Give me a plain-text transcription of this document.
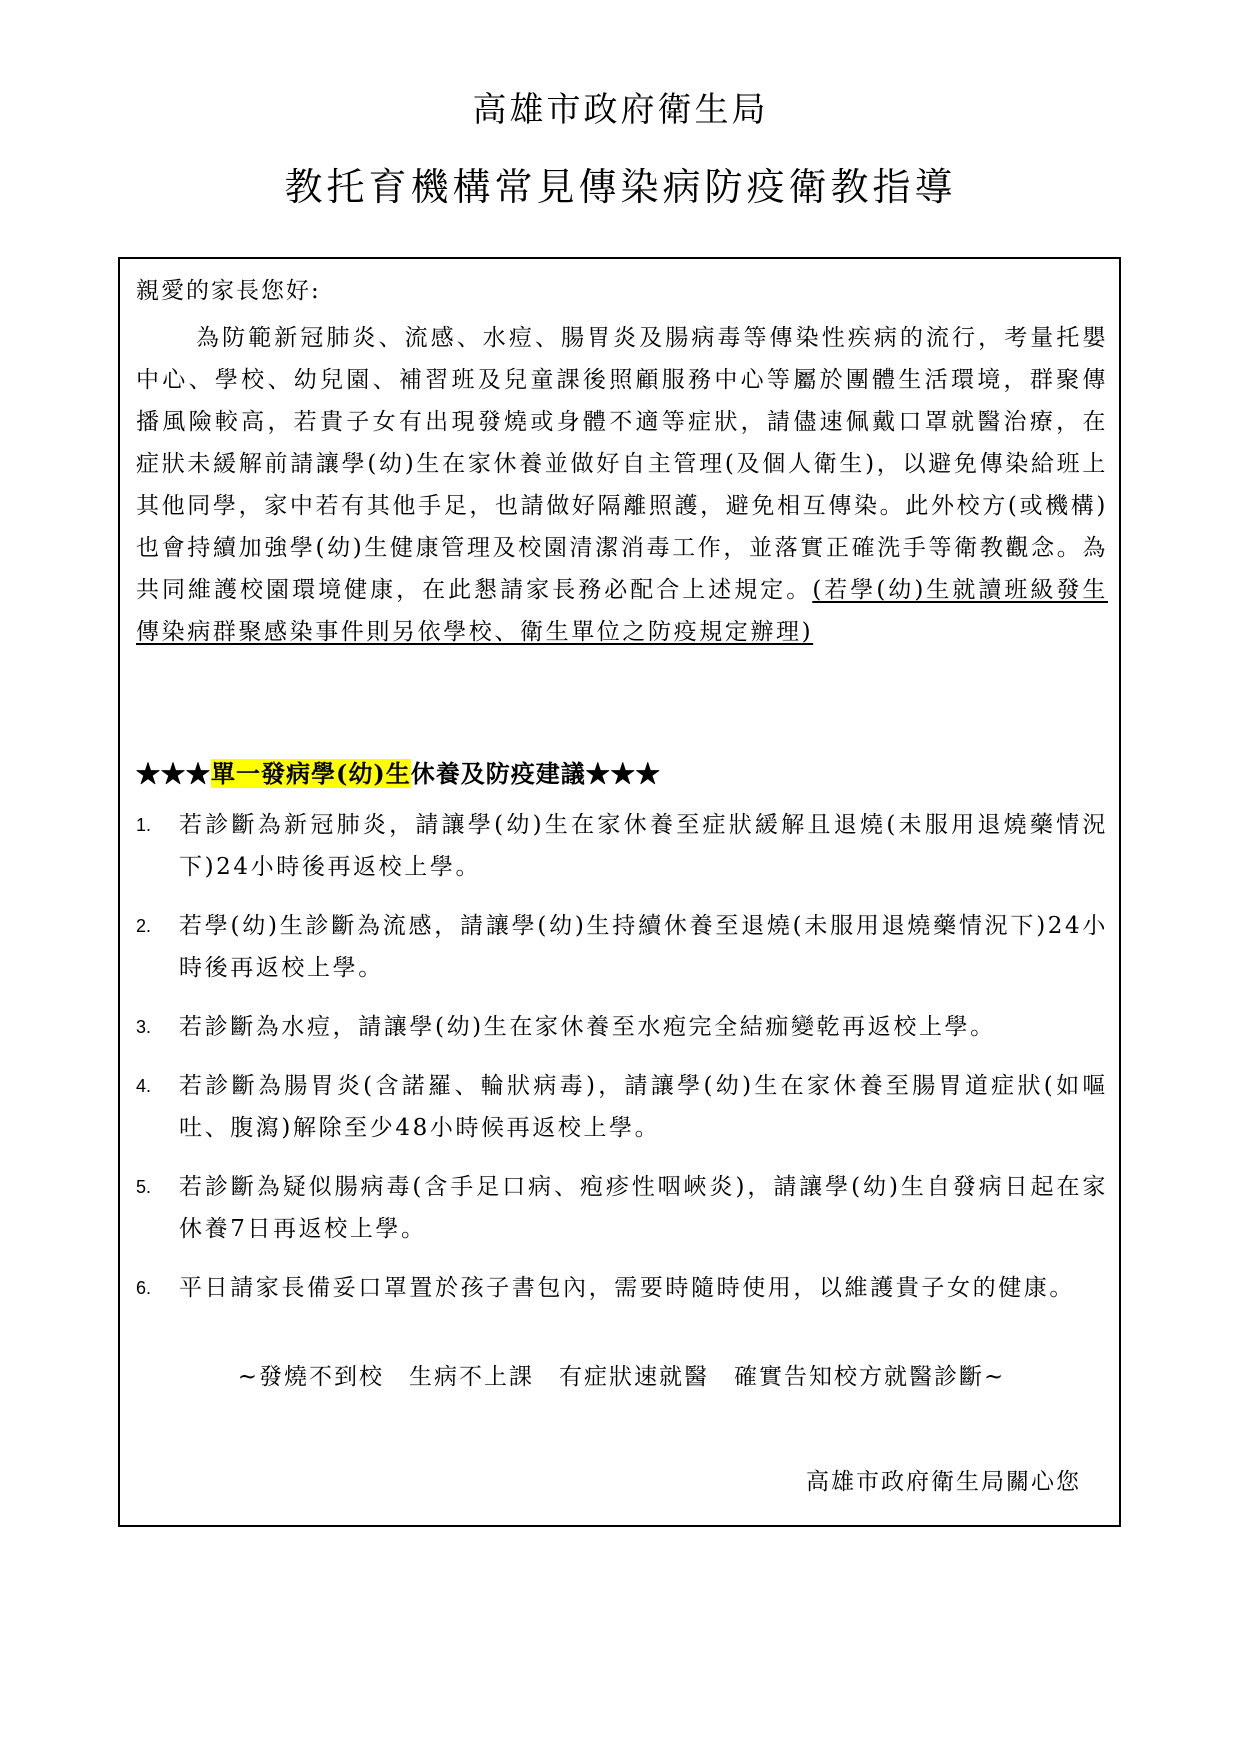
高雄市政府衛生局
教托育機構常見傳染病防疫衛教指導
親愛的家長您好:
為防範新冠肺炎、流感、水痘、腸胃炎及腸病毒等傳染性疾病的流行，考量托嬰中心、學校、幼兒園、補習班及兒童課後照顧服務中心等屬於團體生活環境，群聚傳播風險較高，若貴子女有出現發燒或身體不適等症狀，請儘速佩戴口罩就醫治療，在症狀未緩解前請讓學(幼)生在家休養並做好自主管理(及個人衛生)，以避免傳染給班上其他同學，家中若有其他手足，也請做好隔離照護，避免相互傳染。此外校方(或機構)也會持續加強學(幼)生健康管理及校園清潔消毒工作，並落實正確洗手等衛教觀念。為共同維護校園環境健康，在此懇請家長務必配合上述規定。(若學(幼)生就讀班級發生傳染病群聚感染事件則另依學校、衛生單位之防疫規定辦理)
★★★單一發病學(幼)生休養及防疫建議★★★
1. 若診斷為新冠肺炎，請讓學(幼)生在家休養至症狀緩解且退燒(未服用退燒藥情況下)24小時後再返校上學。
2. 若學(幼)生診斷為流感，請讓學(幼)生持續休養至退燒(未服用退燒藥情況下)24小時後再返校上學。
3. 若診斷為水痘，請讓學(幼)生在家休養至水疱完全結痂變乾再返校上學。
4. 若診斷為腸胃炎(含諾羅、輪狀病毒)，請讓學(幼)生在家休養至腸胃道症狀(如嘔吐、腹瀉)解除至少48小時候再返校上學。
5. 若診斷為疑似腸病毒(含手足口病、疱疹性咽峽炎)，請讓學(幼)生自發病日起在家休養7日再返校上學。
6. 平日請家長備妥口罩置於孩子書包內，需要時隨時使用，以維護貴子女的健康。
~發燒不到校　生病不上課　有症狀速就醫　確實告知校方就醫診斷~
高雄市政府衛生局關心您
